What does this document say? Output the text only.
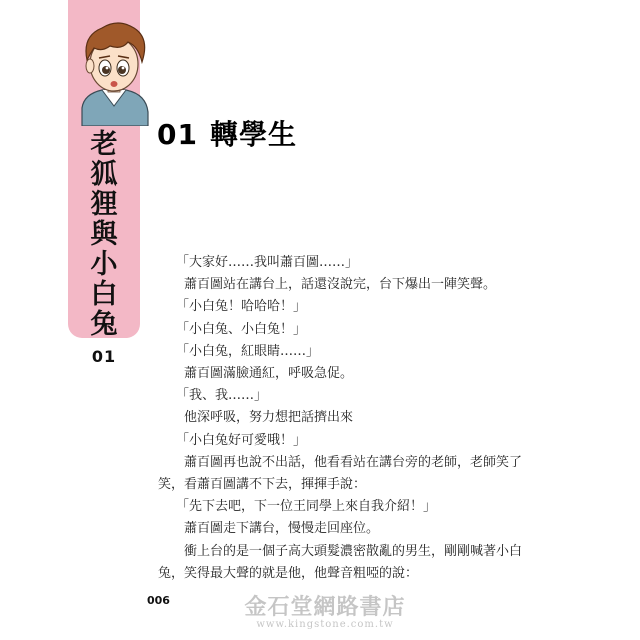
老
狐
狸
與
小
白
兔
01
01 轉學生

「大家好……我叫蕭百圖……」

蕭百圖站在講台上，話還沒說完，台下爆出一陣笑聲。

「小白兔！哈哈哈！」

「小白兔、小白兔！」

「小白兔，紅眼睛……」

蕭百圖滿臉通紅，呼吸急促。

「我、我……」

他深呼吸，努力想把話擠出來

「小白兔好可愛哦！」

蕭百圖再也說不出話，他看看站在講台旁的老師，老師笑了笑，看蕭百圖講不下去，揮揮手說：

「先下去吧，下一位王同學上來自我介紹！」

蕭百圖走下講台，慢慢走回座位。

衝上台的是一個子高大頭髮濃密散亂的男生，剛剛喊著小白兔，笑得最大聲的就是他，他聲音粗啞的說：

006	金石堂網路書店
www.kingstone.com.tw
